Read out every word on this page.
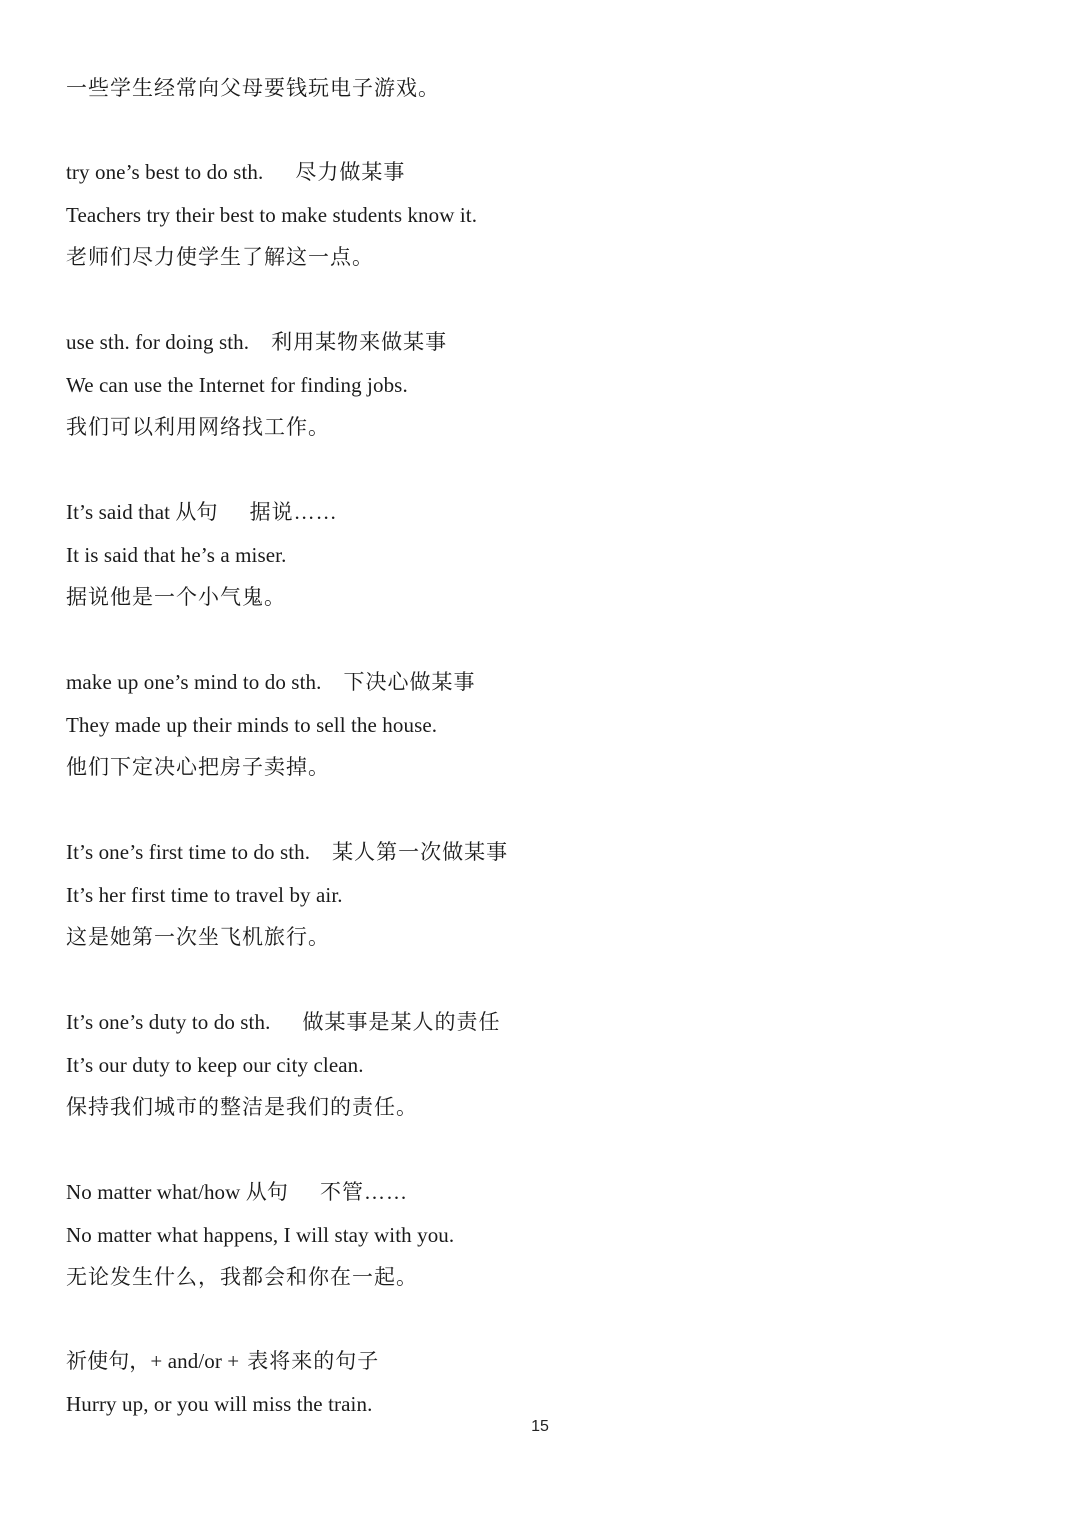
一些学生经常向父母要钱玩电子游戏。
try one’s best to do sth. 尽力做某事
Teachers try their best to make students know it.
老师们尽力使学生了解这一点。
use sth. for doing sth. 利用某物来做某事
We can use the Internet for finding jobs.
我们可以利用网络找工作。
It’s said that 从句 据说……
It is said that he’s a miser.
据说他是一个小气鬼。
make up one’s mind to do sth. 下决心做某事
They made up their minds to sell the house.
他们下定决心把房子卖掉。
It’s one’s first time to do sth. 某人第一次做某事
It’s her first time to travel by air.
这是她第一次坐飞机旅行。
It’s one’s duty to do sth. 做某事是某人的责任
It’s our duty to keep our city clean.
保持我们城市的整洁是我们的责任。
No matter what/how 从句 不管……
No matter what happens, I will stay with you.
无论发生什么，我都会和你在一起。
祈使句，+ and/or + 表将来的句子
Hurry up, or you will miss the train.
15
